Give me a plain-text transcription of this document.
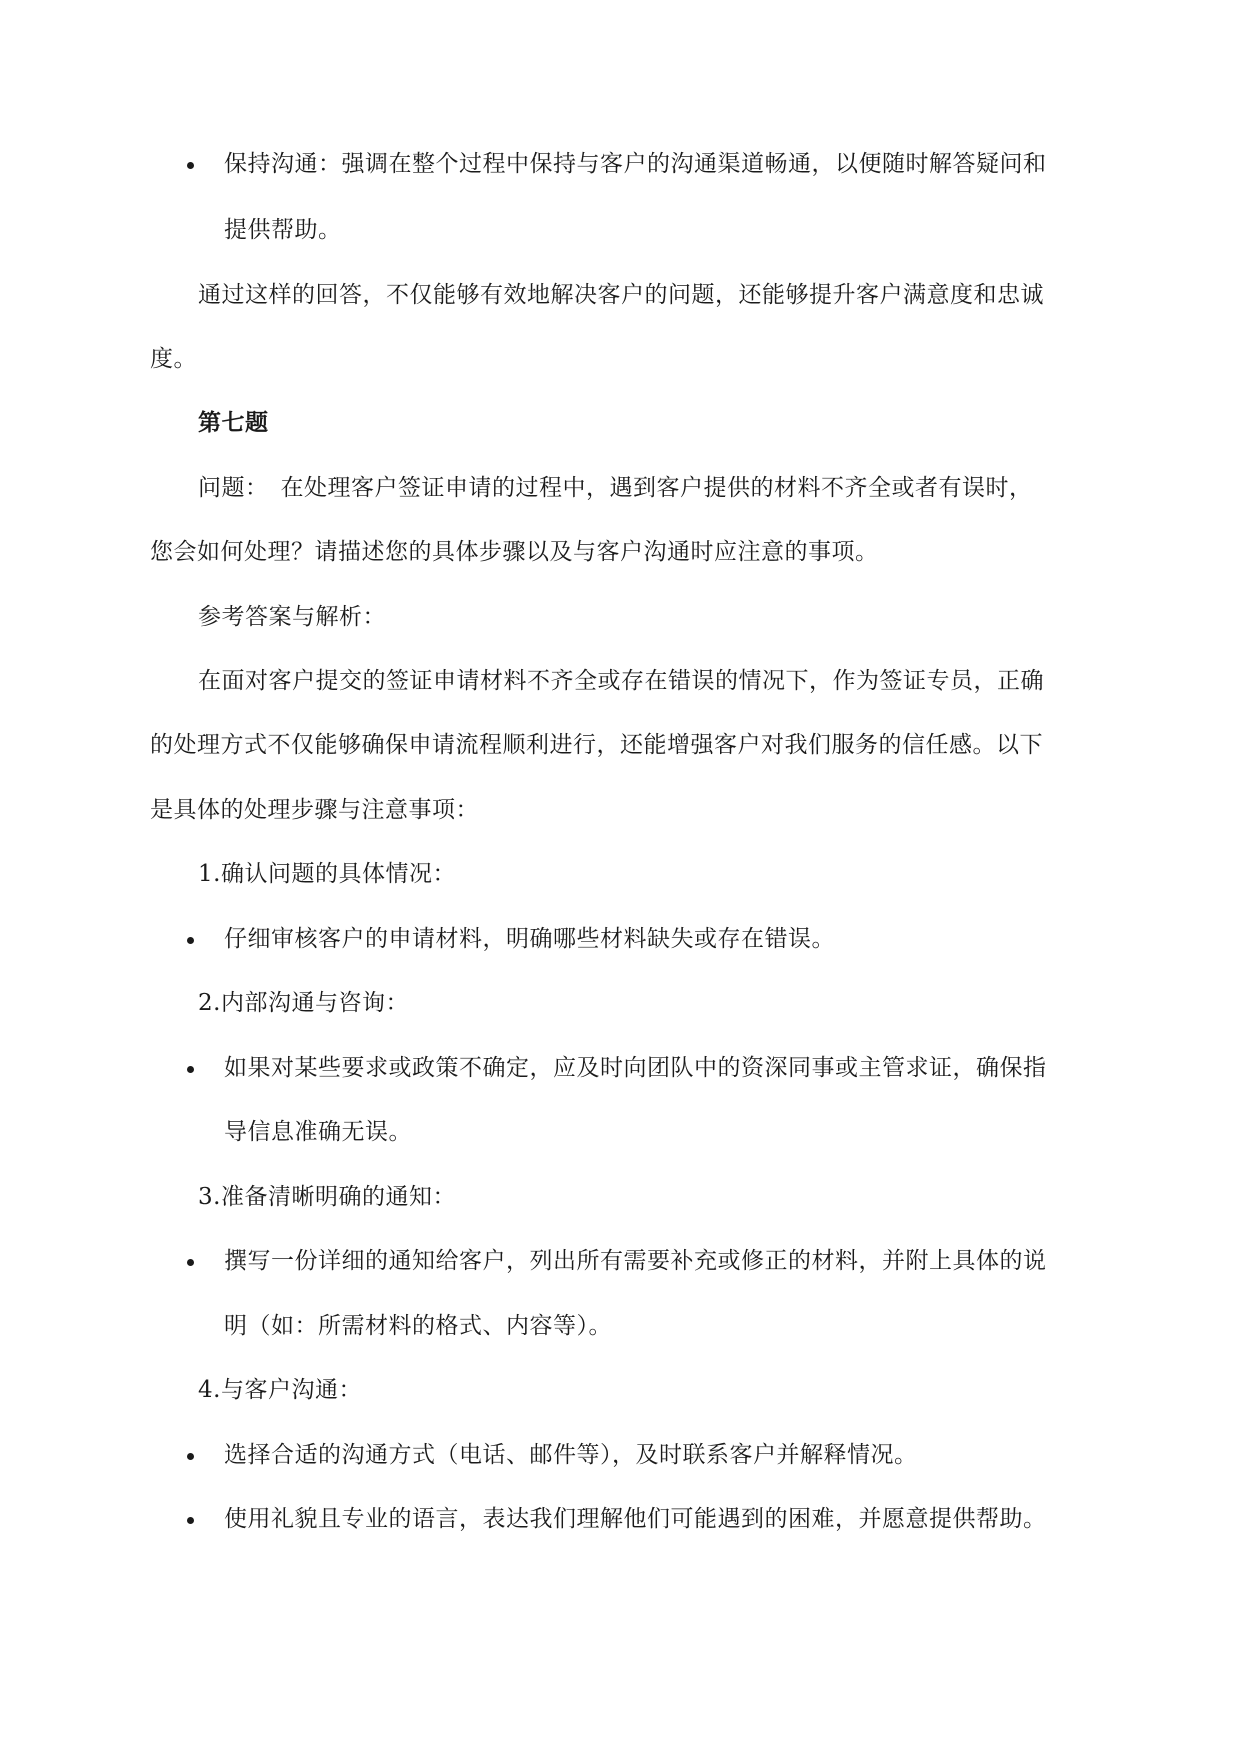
保持沟通：强调在整个过程中保持与客户的沟通渠道畅通，以便随时解答疑问和
提供帮助。
通过这样的回答，不仅能够有效地解决客户的问题，还能够提升客户满意度和忠诚
度。
第七题
问题：　在处理客户签证申请的过程中，遇到客户提供的材料不齐全或者有误时，
您会如何处理？请描述您的具体步骤以及与客户沟通时应注意的事项。
参考答案与解析：
在面对客户提交的签证申请材料不齐全或存在错误的情况下，作为签证专员，正确
的处理方式不仅能够确保申请流程顺利进行，还能增强客户对我们服务的信任感。以下
是具体的处理步骤与注意事项：
1.确认问题的具体情况：
仔细审核客户的申请材料，明确哪些材料缺失或存在错误。
2.内部沟通与咨询：
如果对某些要求或政策不确定，应及时向团队中的资深同事或主管求证，确保指
导信息准确无误。
3.准备清晰明确的通知：
撰写一份详细的通知给客户，列出所有需要补充或修正的材料，并附上具体的说
明（如：所需材料的格式、内容等）。
4.与客户沟通：
选择合适的沟通方式（电话、邮件等），及时联系客户并解释情况。
使用礼貌且专业的语言，表达我们理解他们可能遇到的困难，并愿意提供帮助。
